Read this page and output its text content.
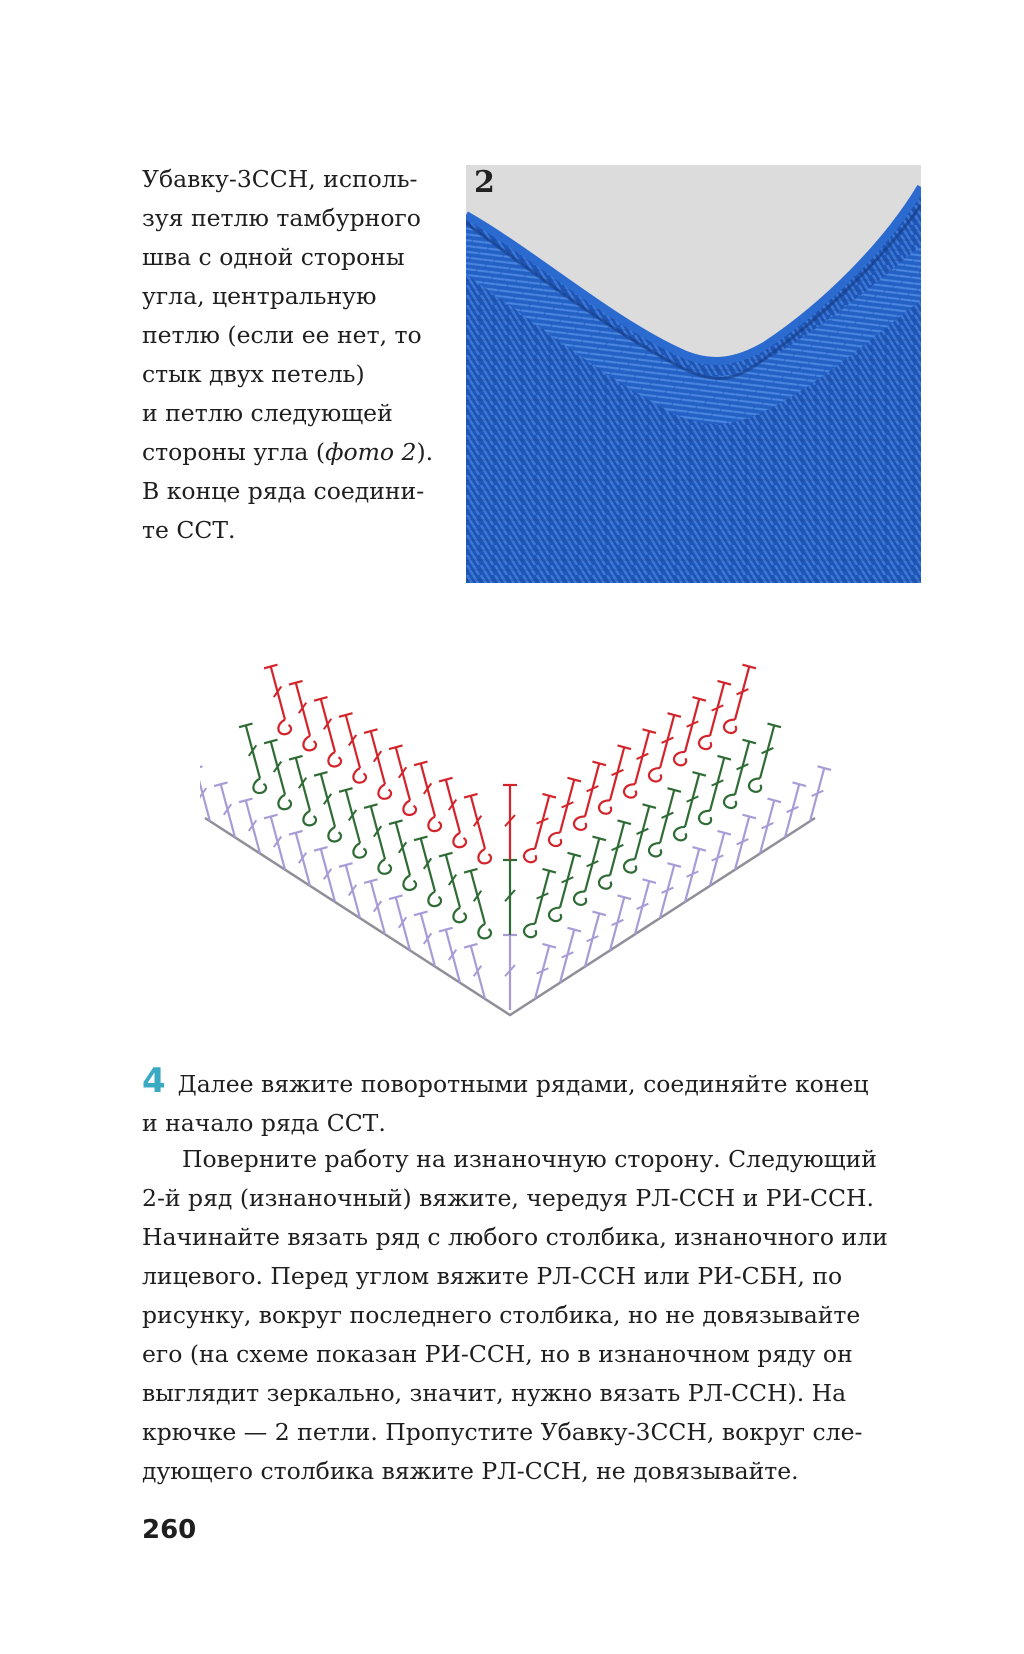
Убавку-3ССН, исполь-
зуя петлю тамбурного
шва с одной стороны
угла, центральную
петлю (если ее нет, то
стык двух петель)
и петлю следующей
стороны угла (фото 2).
В конце ряда соедини-
те ССТ.

2

4 Далее вяжите поворотными рядами, соединяйте конец
и начало ряда ССТ.

Поверните работу на изнаночную сторону. Следующий
2-й ряд (изнаночный) вяжите, чередуя РЛ-ССН и РИ-ССН.
Начинайте вязать ряд с любого столбика, изнаночного или
лицевого. Перед углом вяжите РЛ-ССН или РИ-СБН, по
рисунку, вокруг последнего столбика, но не довязывайте
его (на схеме показан РИ-ССН, но в изнаночном ряду он
выглядит зеркально, значит, нужно вязать РЛ-ССН). На
крючке — 2 петли. Пропустите Убавку-3ССН, вокруг сле-
дующего столбика вяжите РЛ-ССН, не довязывайте.

260
